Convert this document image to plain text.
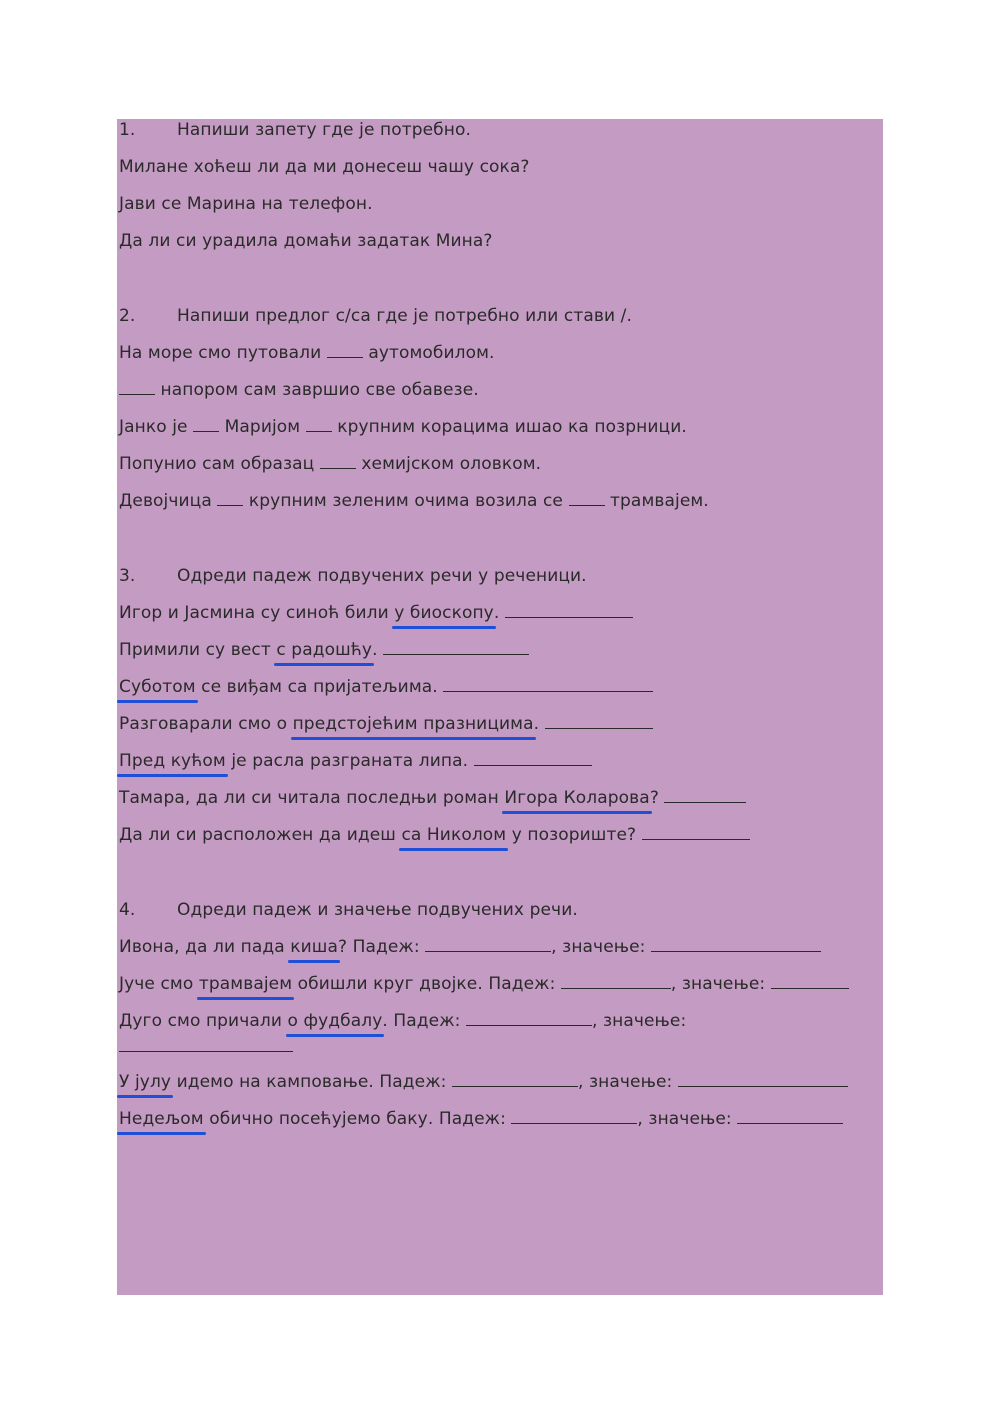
1. Напиши запету где је потребно.
Милане хоћеш ли да ми донесеш чашу сока?
Јави се Марина на телефон.
Да ли си урадила домаћи задатак Мина?
2. Напиши предлог с/са где је потребно или стави /.
На море смо путовали	аутомобилом.
напором сам завршио све обавезе.
Јанко је Маријом крупним корацима ишао ка позрници.
Попунио сам образац	хемијском оловком.
Девојчица крупним зеленим очима возила се	трамвајем.
3. Одреди падеж подвучених речи у реченици.
Игор и Јасмина су синоћ били у биоскопу.
Примили су вест с радошћу.
Суботом се виђам са пријатељима.
Разговарали смо о предстојећим празницима.
Пред кућом је расла разграната липа.
Тамара, да ли си читала последњи роман Игора Коларова?
Да ли си расположен да идеш са Николом у позориште?
4. Одреди падеж и значење подвучених речи.
Ивона, да ли пада киша? Падеж:	, значење:
Јуче смо трамвајем обишли круг двојке. Падеж:	, значење:
Дуго смо причали о фудбалу. Падеж:	, значење:
У јулу идемо на камповање. Падеж:	, значење:
Недељом обично посећујемо баку. Падеж:	, значење:
